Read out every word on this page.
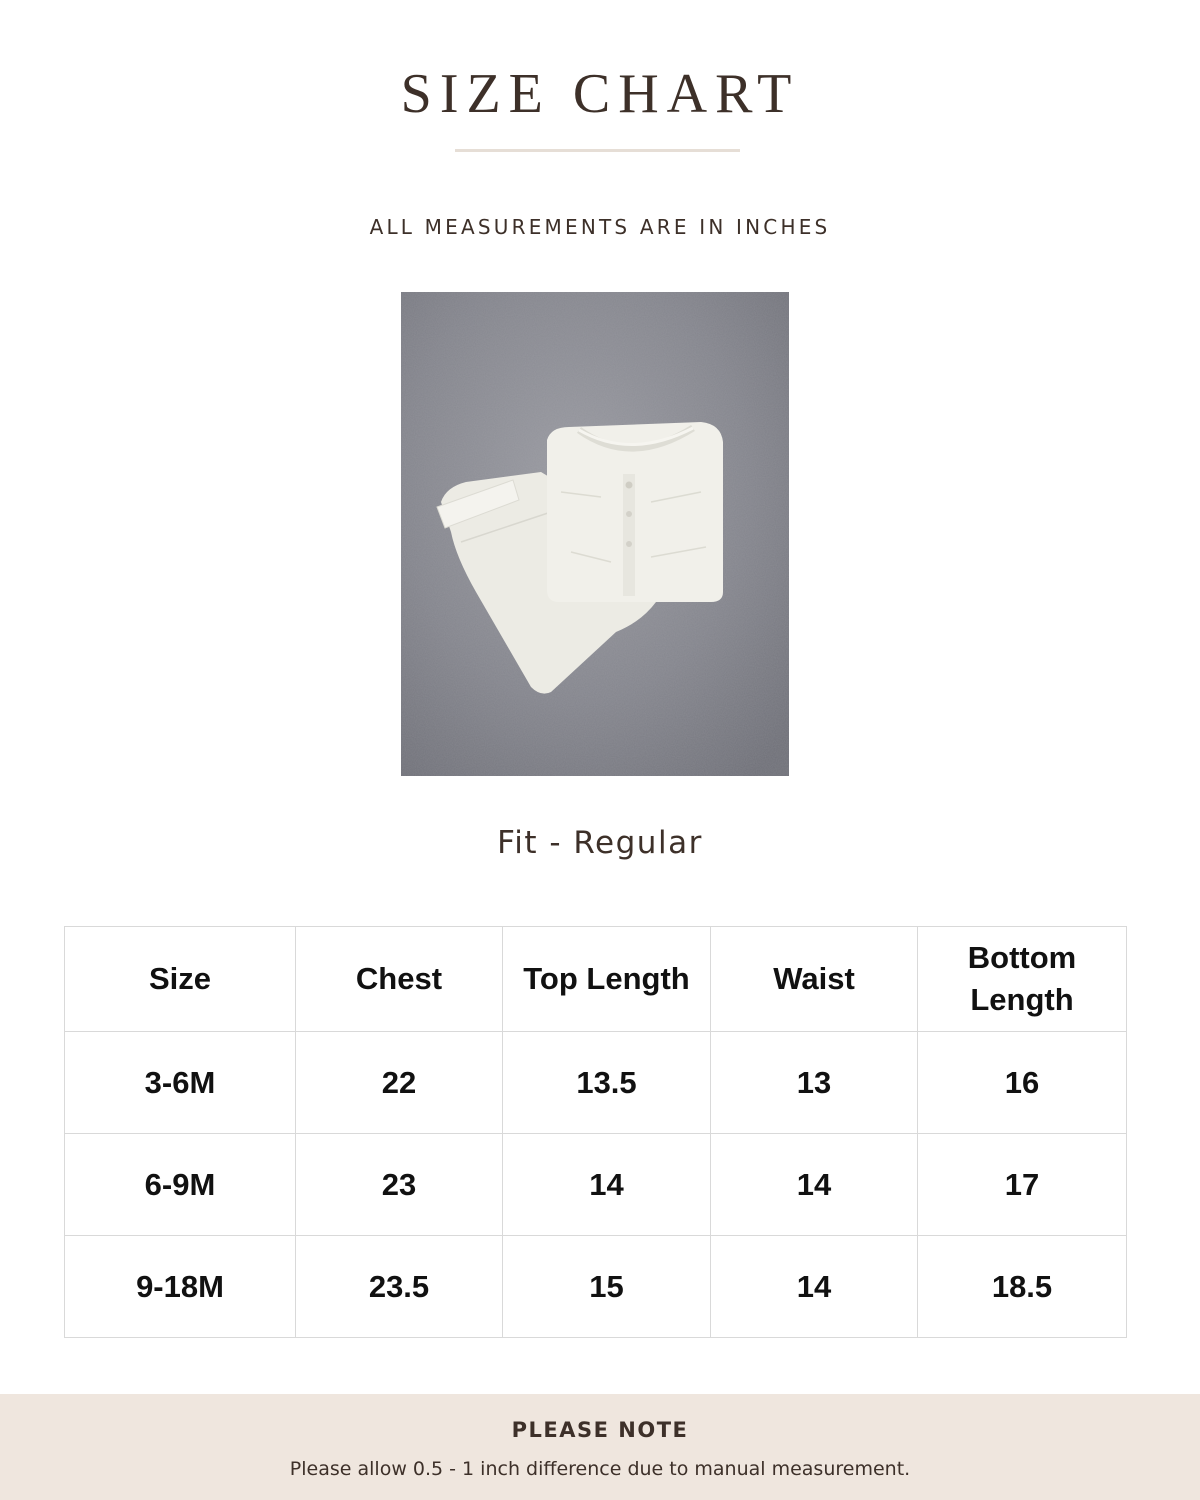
SIZE CHART
ALL MEASUREMENTS ARE IN INCHES
Fit - Regular
Size	Chest	Top Length	Waist	Bottom Length
3-6M	22	13.5	13	16
6-9M	23	14	14	17
9-18M	23.5	15	14	18.5
PLEASE NOTE
Please allow 0.5 - 1 inch difference due to manual measurement.
